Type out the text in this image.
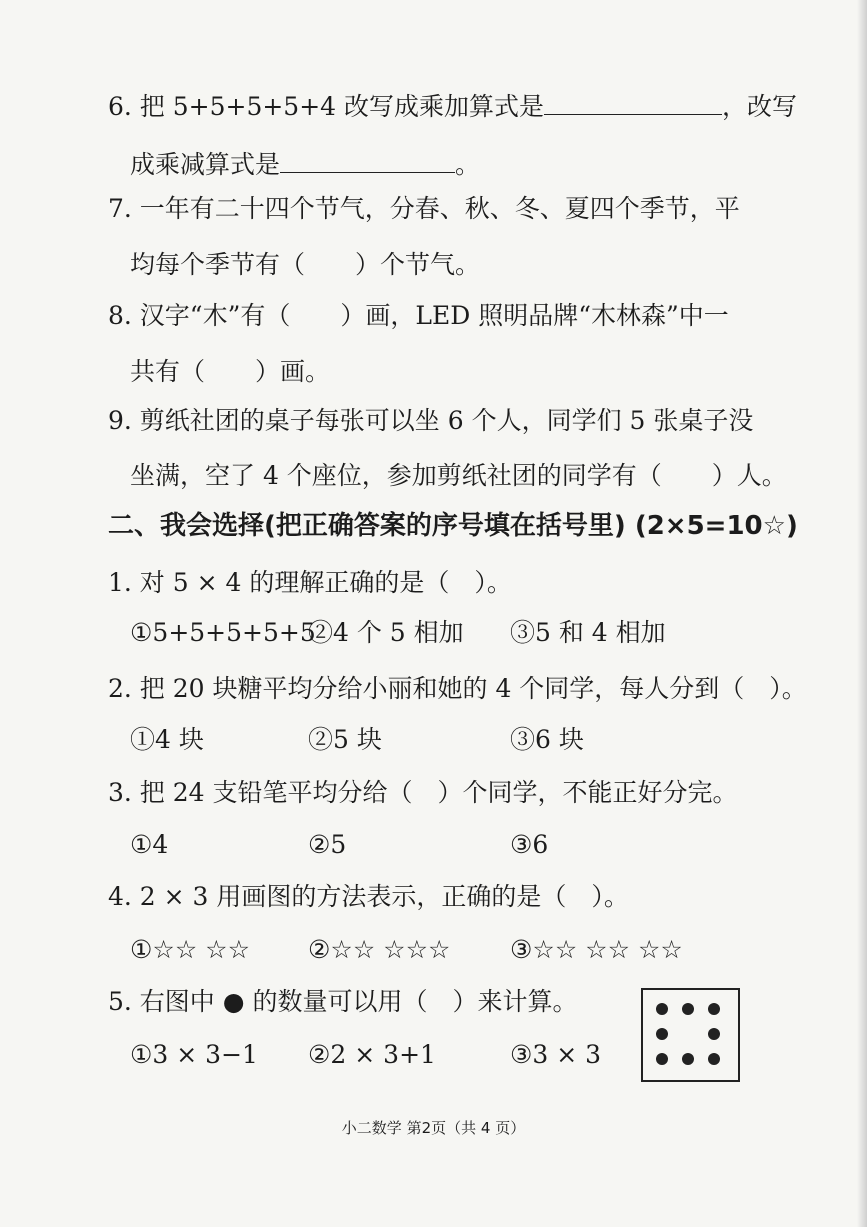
6. 把 5+5+5+5+4 改写成乘加算式是	，改写
成乘减算式是	。
7. 一年有二十四个节气，分春、秋、冬、夏四个季节，平
均每个季节有（　　）个节气。
8. 汉字“木”有（　　）画，LED 照明品牌“木林森”中一
共有（　　）画。
9. 剪纸社团的桌子每张可以坐 6 个人，同学们 5 张桌子没
坐满，空了 4 个座位，参加剪纸社团的同学有（　　）人。
二、我会选择(把正确答案的序号填在括号里) (2×5=10☆)
1. 对 5 × 4 的理解正确的是（　）。
①5+5+5+5+5
②4 个 5 相加 ③5 和 4 相加
2. 把 20 块糖平均分给小丽和她的 4 个同学，每人分到（　）。
①4 块	②5 块	③6 块
3. 把 24 支铅笔平均分给（　）个同学，不能正好分完。
①4	②5	③6
4. 2 × 3 用画图的方法表示，正确的是（　）。
①☆☆ ☆☆ ②☆☆ ☆☆☆ ③☆☆ ☆☆ ☆☆
5. 右图中 ● 的数量可以用（　）来计算。
①3 × 3−1 ②2 × 3+1	③3 × 3
小二数学 第2页（共 4 页）
